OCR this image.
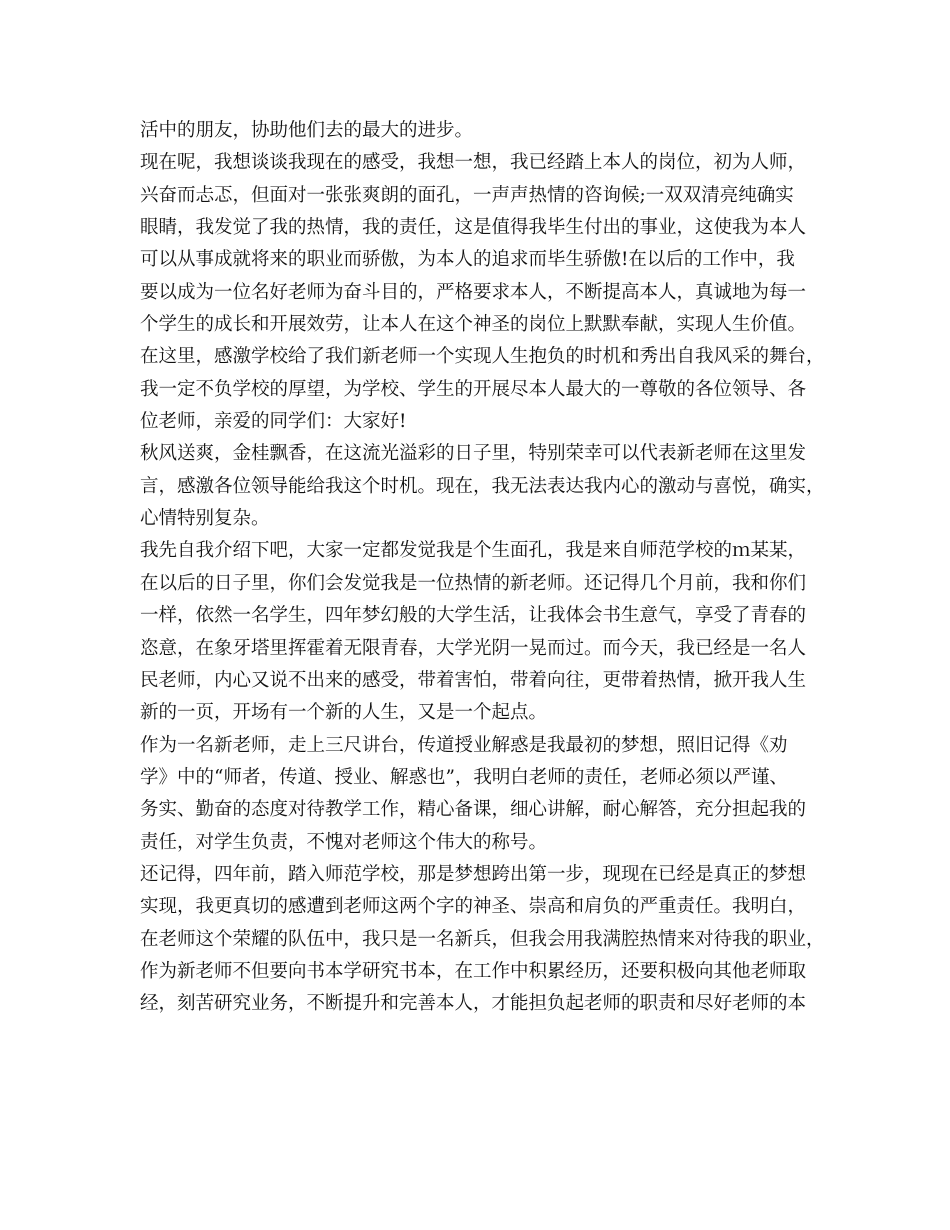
活中的朋友，协助他们去的最大的进步。
现在呢，我想谈谈我现在的感受，我想一想，我已经踏上本人的岗位，初为人师，
兴奋而忐忑，但面对一张张爽朗的面孔，一声声热情的咨询候;一双双清亮纯确实
眼睛，我发觉了我的热情，我的责任，这是值得我毕生付出的事业，这使我为本人
可以从事成就将来的职业而骄傲，为本人的追求而毕生骄傲!在以后的工作中，我
要以成为一位名好老师为奋斗目的，严格要求本人，不断提高本人，真诚地为每一
个学生的成长和开展效劳，让本人在这个神圣的岗位上默默奉献，实现人生价值。
在这里，感激学校给了我们新老师一个实现人生抱负的时机和秀出自我风采的舞台，
我一定不负学校的厚望，为学校、学生的开展尽本人最大的一尊敬的各位领导、各
位老师，亲爱的同学们：大家好!
秋风送爽，金桂飘香，在这流光溢彩的日子里，特别荣幸可以代表新老师在这里发
言，感激各位领导能给我这个时机。现在，我无法表达我内心的激动与喜悦，确实，
心情特别复杂。
我先自我介绍下吧，大家一定都发觉我是个生面孔，我是来自师范学校的ｍ某某，
在以后的日子里，你们会发觉我是一位热情的新老师。还记得几个月前，我和你们
一样，依然一名学生，四年梦幻般的大学生活，让我体会书生意气，享受了青春的
恣意，在象牙塔里挥霍着无限青春，大学光阴一晃而过。而今天，我已经是一名人
民老师，内心又说不出来的感受，带着害怕，带着向往，更带着热情，掀开我人生
新的一页，开场有一个新的人生，又是一个起点。
作为一名新老师，走上三尺讲台，传道授业解惑是我最初的梦想，照旧记得《劝
学》中的“师者，传道、授业、解惑也”，我明白老师的责任，老师必须以严谨、
务实、勤奋的态度对待教学工作，精心备课，细心讲解，耐心解答，充分担起我的
责任，对学生负责，不愧对老师这个伟大的称号。
还记得，四年前，踏入师范学校，那是梦想跨出第一步，现现在已经是真正的梦想
实现，我更真切的感遭到老师这两个字的神圣、崇高和肩负的严重责任。我明白，
在老师这个荣耀的队伍中，我只是一名新兵，但我会用我满腔热情来对待我的职业，
作为新老师不但要向书本学研究书本，在工作中积累经历，还要积极向其他老师取
经，刻苦研究业务，不断提升和完善本人，才能担负起老师的职责和尽好老师的本
